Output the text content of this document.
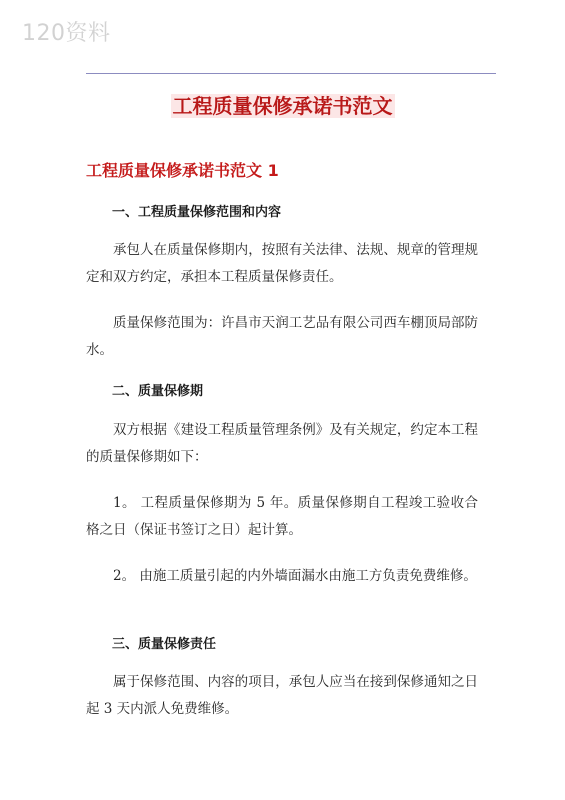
120资料
工程质量保修承诺书范文
工程质量保修承诺书范文 1
一、工程质量保修范围和内容

承包人在质量保修期内，按照有关法律、法规、规章的管理规定和双方约定，承担本工程质量保修责任。

质量保修范围为：许昌市天润工艺品有限公司西车棚顶局部防水。

二、质量保修期

双方根据《建设工程质量管理条例》及有关规定，约定本工程的质量保修期如下：

1。 工程质量保修期为 5 年。质量保修期自工程竣工验收合格之日（保证书签订之日）起计算。

2。 由施工质量引起的内外墙面漏水由施工方负责免费维修。

三、质量保修责任

属于保修范围、内容的项目，承包人应当在接到保修通知之日起 3 天内派人免费维修。
